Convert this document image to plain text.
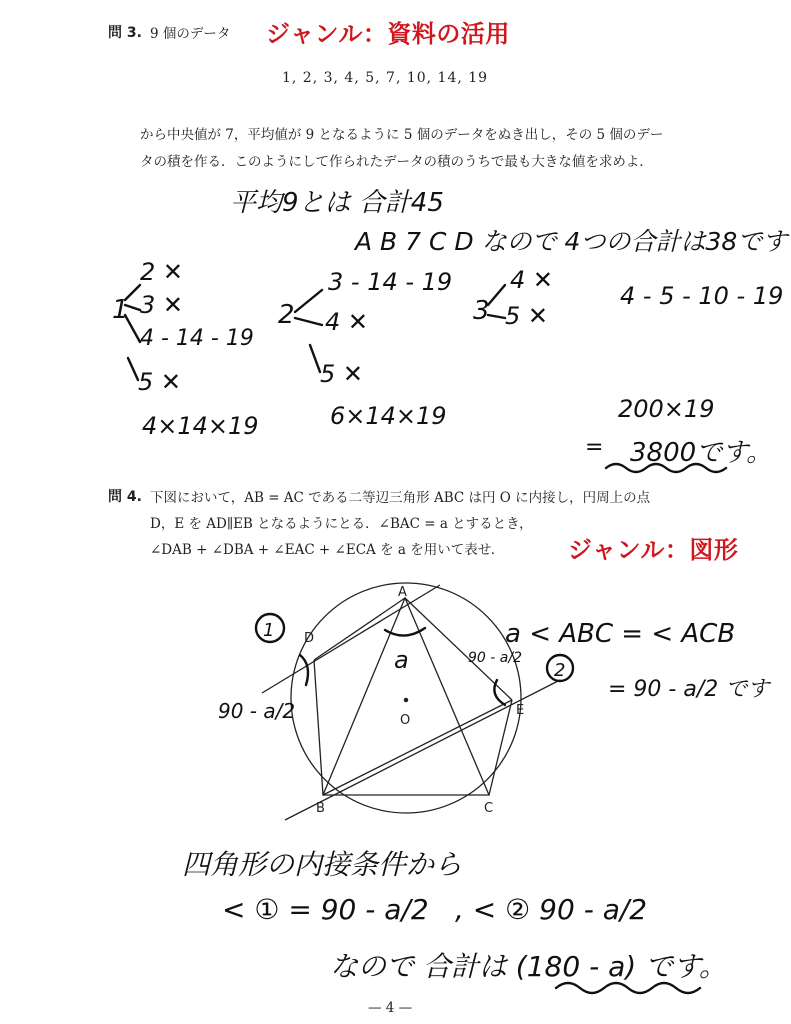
問 3. 9 個のデータ ジャンル：資料の活用
1, 2, 3, 4, 5, 7, 10, 14, 19
から中央値が 7，平均値が 9 となるように 5 個のデータをぬき出し，その 5 個のデー
タの積を作る．このようにして作られたデータの積のうちで最も大きな値を求めよ．
平均9とは 合計45
A B 7 C D なので 4つの合計は38です
2 ✕
1 3 ✕
4 - 14 - 19
5 ✕
2
3 - 14 - 19
4 ✕
5 ✕
3
4 ✕
5 ✕
4 - 5 - 10 - 19
4×14×19	6×14×19	200×19
= 3800です。
問 4. 下図において，AB = AC である二等辺三角形 ABC は円 O に内接し，円周上の点
D，E を AD∥EB となるようにとる．∠BAC = a とするとき，
∠DAB + ∠DBA + ∠EAC + ∠ECA を a を用いて表せ．	ジャンル：図形
A
D
E
O
B	C
a
1
2
a < ABC = < ACB
= 90 - a/2 です
90 - a/2
90 - a/2
四角形の内接条件から
< ① = 90 - a/2 , < ② 90 - a/2
なので 合計は (180 - a) です。
— 4 —
